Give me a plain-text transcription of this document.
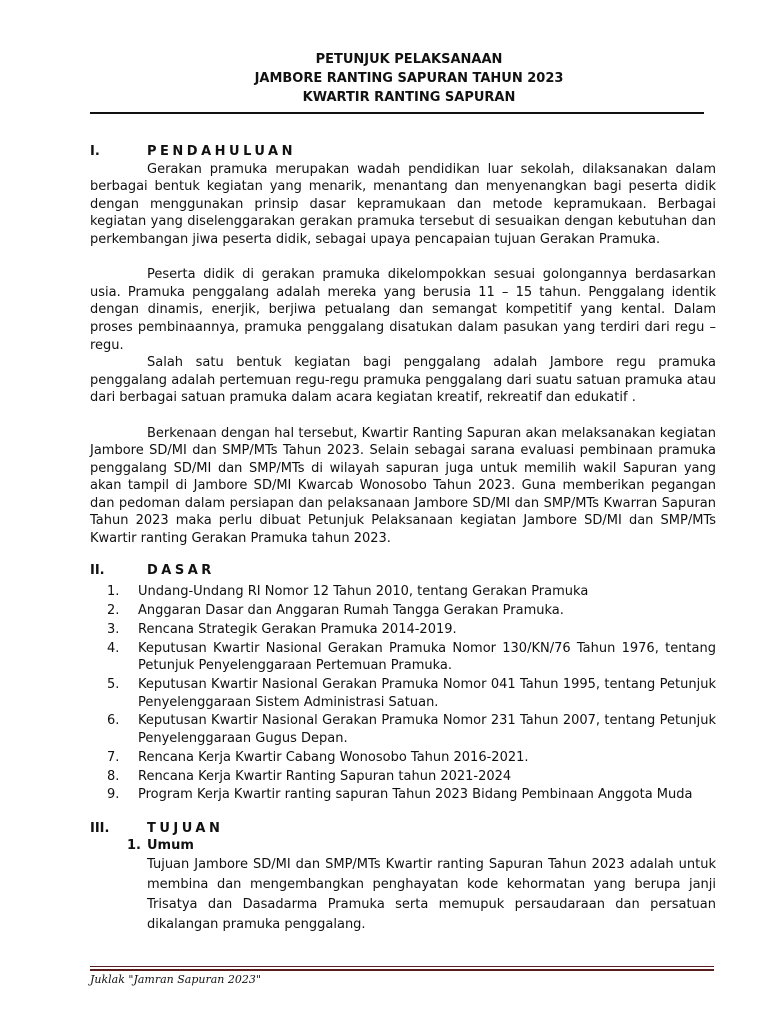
PETUNJUK PELAKSANAAN
JAMBORE RANTING SAPURAN TAHUN 2023
KWARTIR RANTING SAPURAN
I.	PENDAHULUAN

Gerakan pramuka merupakan wadah pendidikan luar sekolah, dilaksanakan dalam berbagai bentuk kegiatan yang menarik, menantang dan menyenangkan bagi peserta didik dengan menggunakan prinsip dasar kepramukaan dan metode kepramukaan. Berbagai kegiatan yang diselenggarakan gerakan pramuka tersebut di sesuaikan dengan kebutuhan dan perkembangan jiwa peserta didik, sebagai upaya pencapaian tujuan Gerakan Pramuka.

Peserta didik di gerakan pramuka dikelompokkan sesuai golongannya berdasarkan usia. Pramuka penggalang adalah mereka yang berusia 11 – 15 tahun. Penggalang identik dengan dinamis, enerjik, berjiwa petualang dan semangat kompetitif yang kental. Dalam proses pembinaannya, pramuka penggalang disatukan dalam pasukan yang terdiri dari regu – regu.

Salah satu bentuk kegiatan bagi penggalang adalah Jambore regu pramuka penggalang adalah pertemuan regu-regu pramuka penggalang dari suatu satuan pramuka atau dari berbagai satuan pramuka dalam acara kegiatan kreatif, rekreatif dan edukatif .

Berkenaan dengan hal tersebut, Kwartir Ranting Sapuran akan melaksanakan kegiatan Jambore SD/MI dan SMP/MTs Tahun 2023. Selain sebagai sarana evaluasi pembinaan pramuka penggalang SD/MI dan SMP/MTs di wilayah sapuran juga untuk memilih wakil Sapuran yang akan tampil di Jambore SD/MI Kwarcab Wonosobo Tahun 2023. Guna memberikan pegangan dan pedoman dalam persiapan dan pelaksanaan Jambore SD/MI dan SMP/MTs Kwarran Sapuran Tahun 2023 maka perlu dibuat Petunjuk Pelaksanaan kegiatan Jambore SD/MI dan SMP/MTs Kwartir ranting Gerakan Pramuka tahun 2023.

II.	DASAR
1. Undang-Undang RI Nomor 12 Tahun 2010, tentang Gerakan Pramuka
2. Anggaran Dasar dan Anggaran Rumah Tangga Gerakan Pramuka.
3. Rencana Strategik Gerakan Pramuka 2014-2019.
4. Keputusan Kwartir Nasional Gerakan Pramuka Nomor 130/KN/76 Tahun 1976, tentang Petunjuk Penyelenggaraan Pertemuan Pramuka.
5. Keputusan Kwartir Nasional Gerakan Pramuka Nomor 041 Tahun 1995, tentang Petunjuk Penyelenggaraan Sistem Administrasi Satuan.
6. Keputusan Kwartir Nasional Gerakan Pramuka Nomor 231 Tahun 2007, tentang Petunjuk Penyelenggaraan Gugus Depan.
7. Rencana Kerja Kwartir Cabang Wonosobo Tahun 2016-2021.
8. Rencana Kerja Kwartir Ranting Sapuran tahun 2021-2024
9. Program Kerja Kwartir ranting sapuran Tahun 2023 Bidang Pembinaan Anggota Muda
III.	TUJUAN
1. Umum

Tujuan Jambore SD/MI dan SMP/MTs Kwartir ranting Sapuran Tahun 2023 adalah untuk membina dan mengembangkan penghayatan kode kehormatan yang berupa janji Trisatya dan Dasadarma Pramuka serta memupuk persaudaraan dan persatuan dikalangan pramuka penggalang.

Juklak "Jamran Sapuran 2023"
